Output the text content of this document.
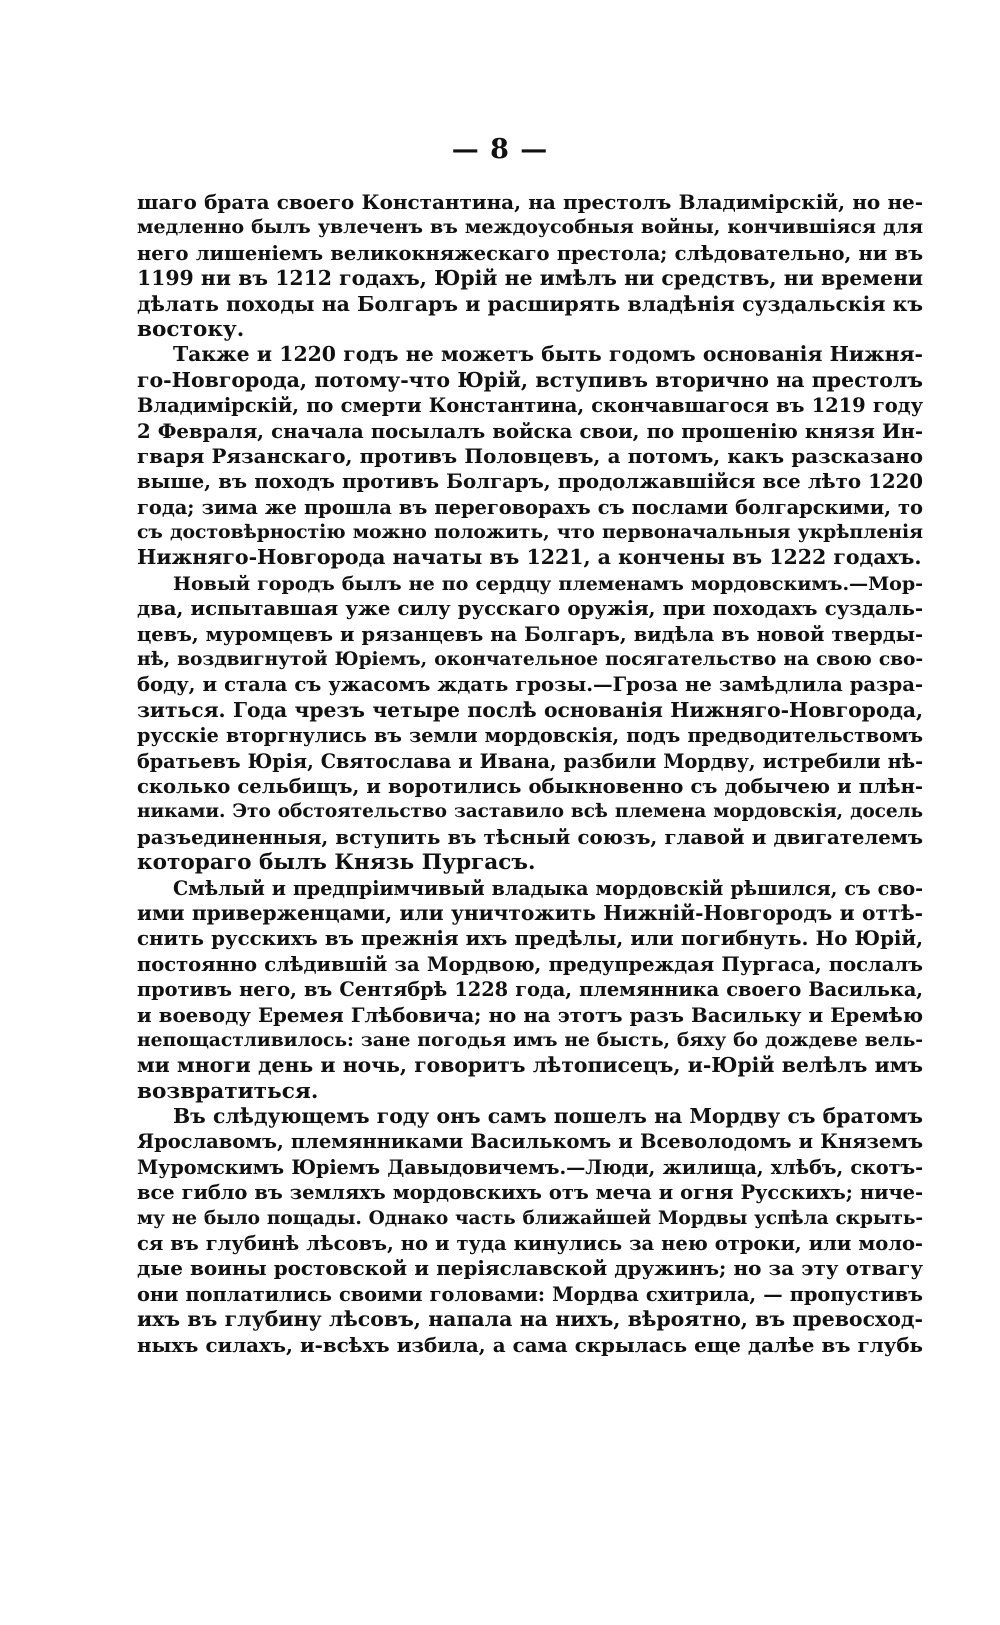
— 8 —
шаго брата своего Константина, на престолъ Владимірскій, но не-
медленно былъ увлеченъ въ междоусобныя войны, кончившіяся для
него лишеніемъ великокняжескаго престола; слѣдовательно, ни въ
1199 ни въ 1212 годахъ, Юрій не имѣлъ ни средствъ, ни времени
дѣлать походы на Болгаръ и расширять владѣнія суздальскія къ
востоку.
Также и 1220 годъ не можетъ быть годомъ основанія Нижня-
го-Новгорода, потому-что Юрій, вступивъ вторично на престолъ
Владимірскій, по смерти Константина, скончавшагося въ 1219 году
2 Февраля, сначала посылалъ войска свои, по прошенію князя Ин-
гваря Рязанскаго, противъ Половцевъ, а потомъ, какъ разсказано
выше, въ походъ противъ Болгаръ, продолжавшійся все лѣто 1220
года; зима же прошла въ переговорахъ съ послами болгарскими, то
съ достовѣрностію можно положить, что первоначальныя укрѣпленія
Нижняго-Новгорода начаты въ 1221, а кончены въ 1222 годахъ.
Новый городъ былъ не по сердцу племенамъ мордовскимъ.—Мор-
два, испытавшая уже силу русскаго оружія, при походахъ суздаль-
цевъ, муромцевъ и рязанцевъ на Болгаръ, видѣла въ новой тверды-
нѣ, воздвигнутой Юріемъ, окончательное посягательство на свою сво-
боду, и стала съ ужасомъ ждать грозы.—Гроза не замѣдлила разра-
зиться. Года чрезъ четыре послѣ основанія Нижняго-Новгорода,
русскіе вторгнулись въ земли мордовскія, подъ предводительствомъ
братьевъ Юрія, Святослава и Ивана, разбили Мордву, истребили нѣ-
сколько сельбищъ, и воротились обыкновенно съ добычею и плѣн-
никами. Это обстоятельство заставило всѣ племена мордовскія, досель
разъединенныя, вступить въ тѣсный союзъ, главой и двигателемъ
котораго былъ Князь Пургасъ.
Смѣлый и предпріимчивый владыка мордовскій рѣшился, съ сво-
ими приверженцами, или уничтожить Нижній-Новгородъ и оттѣ-
снить русскихъ въ прежнія ихъ предѣлы, или погибнуть. Но Юрій,
постоянно слѣдившій за Мордвою, предупреждая Пургаса, послалъ
противъ него, въ Сентябрѣ 1228 года, племянника своего Василька,
и воеводу Еремея Глѣбовича; но на этотъ разъ Васильку и Еремѣю
непощастливилось: зане погодья имъ не бысть, бяху бо дождеве вель-
ми многи день и ночь, говоритъ лѣтописецъ, и-Юрій велѣлъ имъ
возвратиться.
Въ слѣдующемъ году онъ самъ пошелъ на Мордву съ братомъ
Ярославомъ, племянниками Василькомъ и Всеволодомъ и Княземъ
Муромскимъ Юріемъ Давыдовичемъ.—Люди, жилища, хлѣбъ, скотъ-
все гибло въ земляхъ мордовскихъ отъ меча и огня Русскихъ; ниче-
му не было пощады. Однако часть ближайшей Мордвы успѣла скрыть-
ся въ глубинѣ лѣсовъ, но и туда кинулись за нею отроки, или моло-
дые воины ростовской и періяславской дружинъ; но за эту отвагу
они поплатились своими головами: Мордва схитрила, — пропустивъ
ихъ въ глубину лѣсовъ, напала на нихъ, вѣроятно, въ превосход-
ныхъ силахъ, и-всѣхъ избила, а сама скрылась еще далѣе въ глубь
